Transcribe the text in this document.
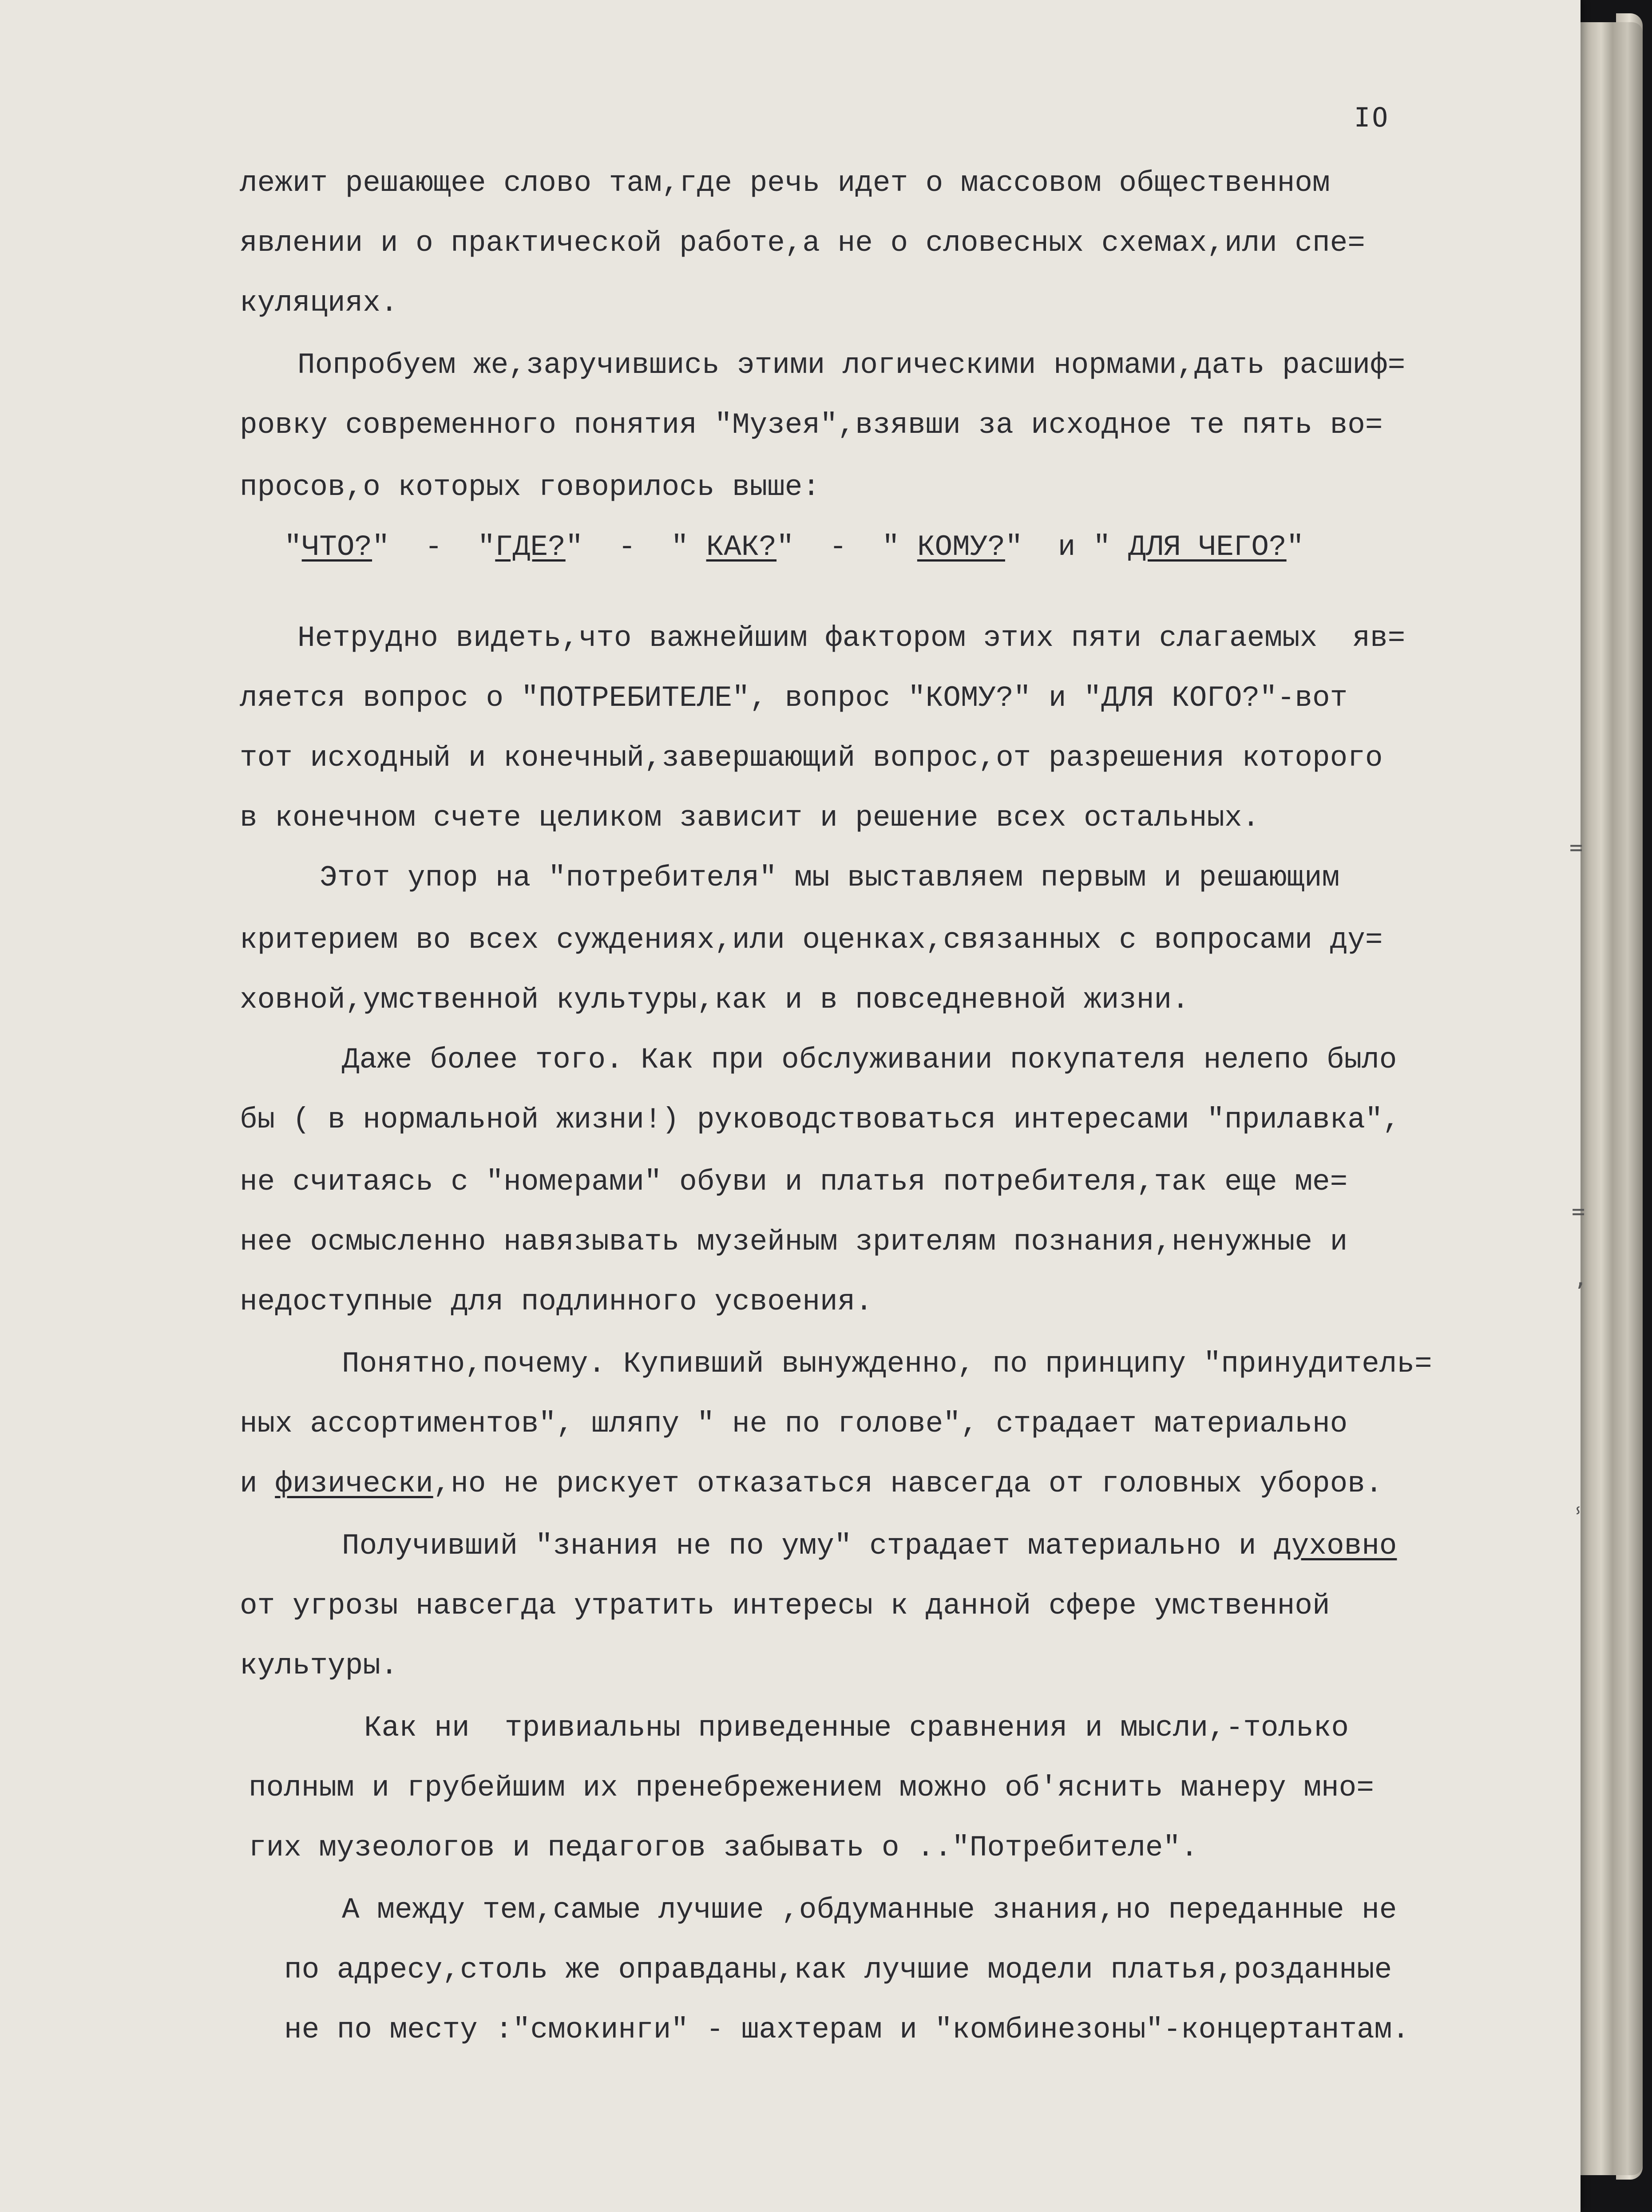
IO
лежит решающее слово там,где речь идет о массовом общественном
явлении и о практической работе,а не о словесных схемах,или спе=
куляциях.
Попробуем же,заручившись этими логическими нормами,дать расшиф=
ровку современного понятия "Музея",взявши за исходное те пять во=
просов,о которых говорилось выше:
"ЧТО?"  -  "ГДЕ?"  -  " КАК?"  -  " КОМУ?"  и " ДЛЯ ЧЕГО?"
Нетрудно видеть,что важнейшим фактором этих пяти слагаемых  яв=
ляется вопрос о "ПОТРЕБИТЕЛЕ", вопрос "КОМУ?" и "ДЛЯ КОГО?"-вот
тот исходный и конечный,завершающий вопрос,от разрешения которого
в конечном счете целиком зависит и решение всех остальных.
Этот упор на "потребителя" мы выставляем первым и решающим
критерием во всех суждениях,или оценках,связанных с вопросами ду=
ховной,умственной культуры,как и в повседневной жизни.
Даже более того. Как при обслуживании покупателя нелепо было
бы ( в нормальной жизни!) руководствоваться интересами "прилавка",
не считаясь с "номерами" обуви и платья потребителя,так еще ме=
нее осмысленно навязывать музейным зрителям познания,ненужные и
недоступные для подлинного усвоения.
Понятно,почему. Купивший вынужденно, по принципу "принудитель=
ных ассортиментов", шляпу " не по голове", страдает материально
и физически,но не рискует отказаться навсегда от головных уборов.
Получивший "знания не по уму" страдает материально и духовно
от угрозы навсегда утратить интересы к данной сфере умственной
культуры.
Как ни  тривиальны приведенные сравнения и мысли,-только
полным и грубейшим их пренебрежением можно об'яснить манеру мно=
гих музеологов и педагогов забывать о .."Потребителе".
А между тем,самые лучшие ,обдуманные знания,но переданные не
по адресу,столь же оправданы,как лучшие модели платья,розданные
не по месту :"смокинги" - шахтерам и "комбинезоны"-концертантам.
=
=
,
ⸯ
